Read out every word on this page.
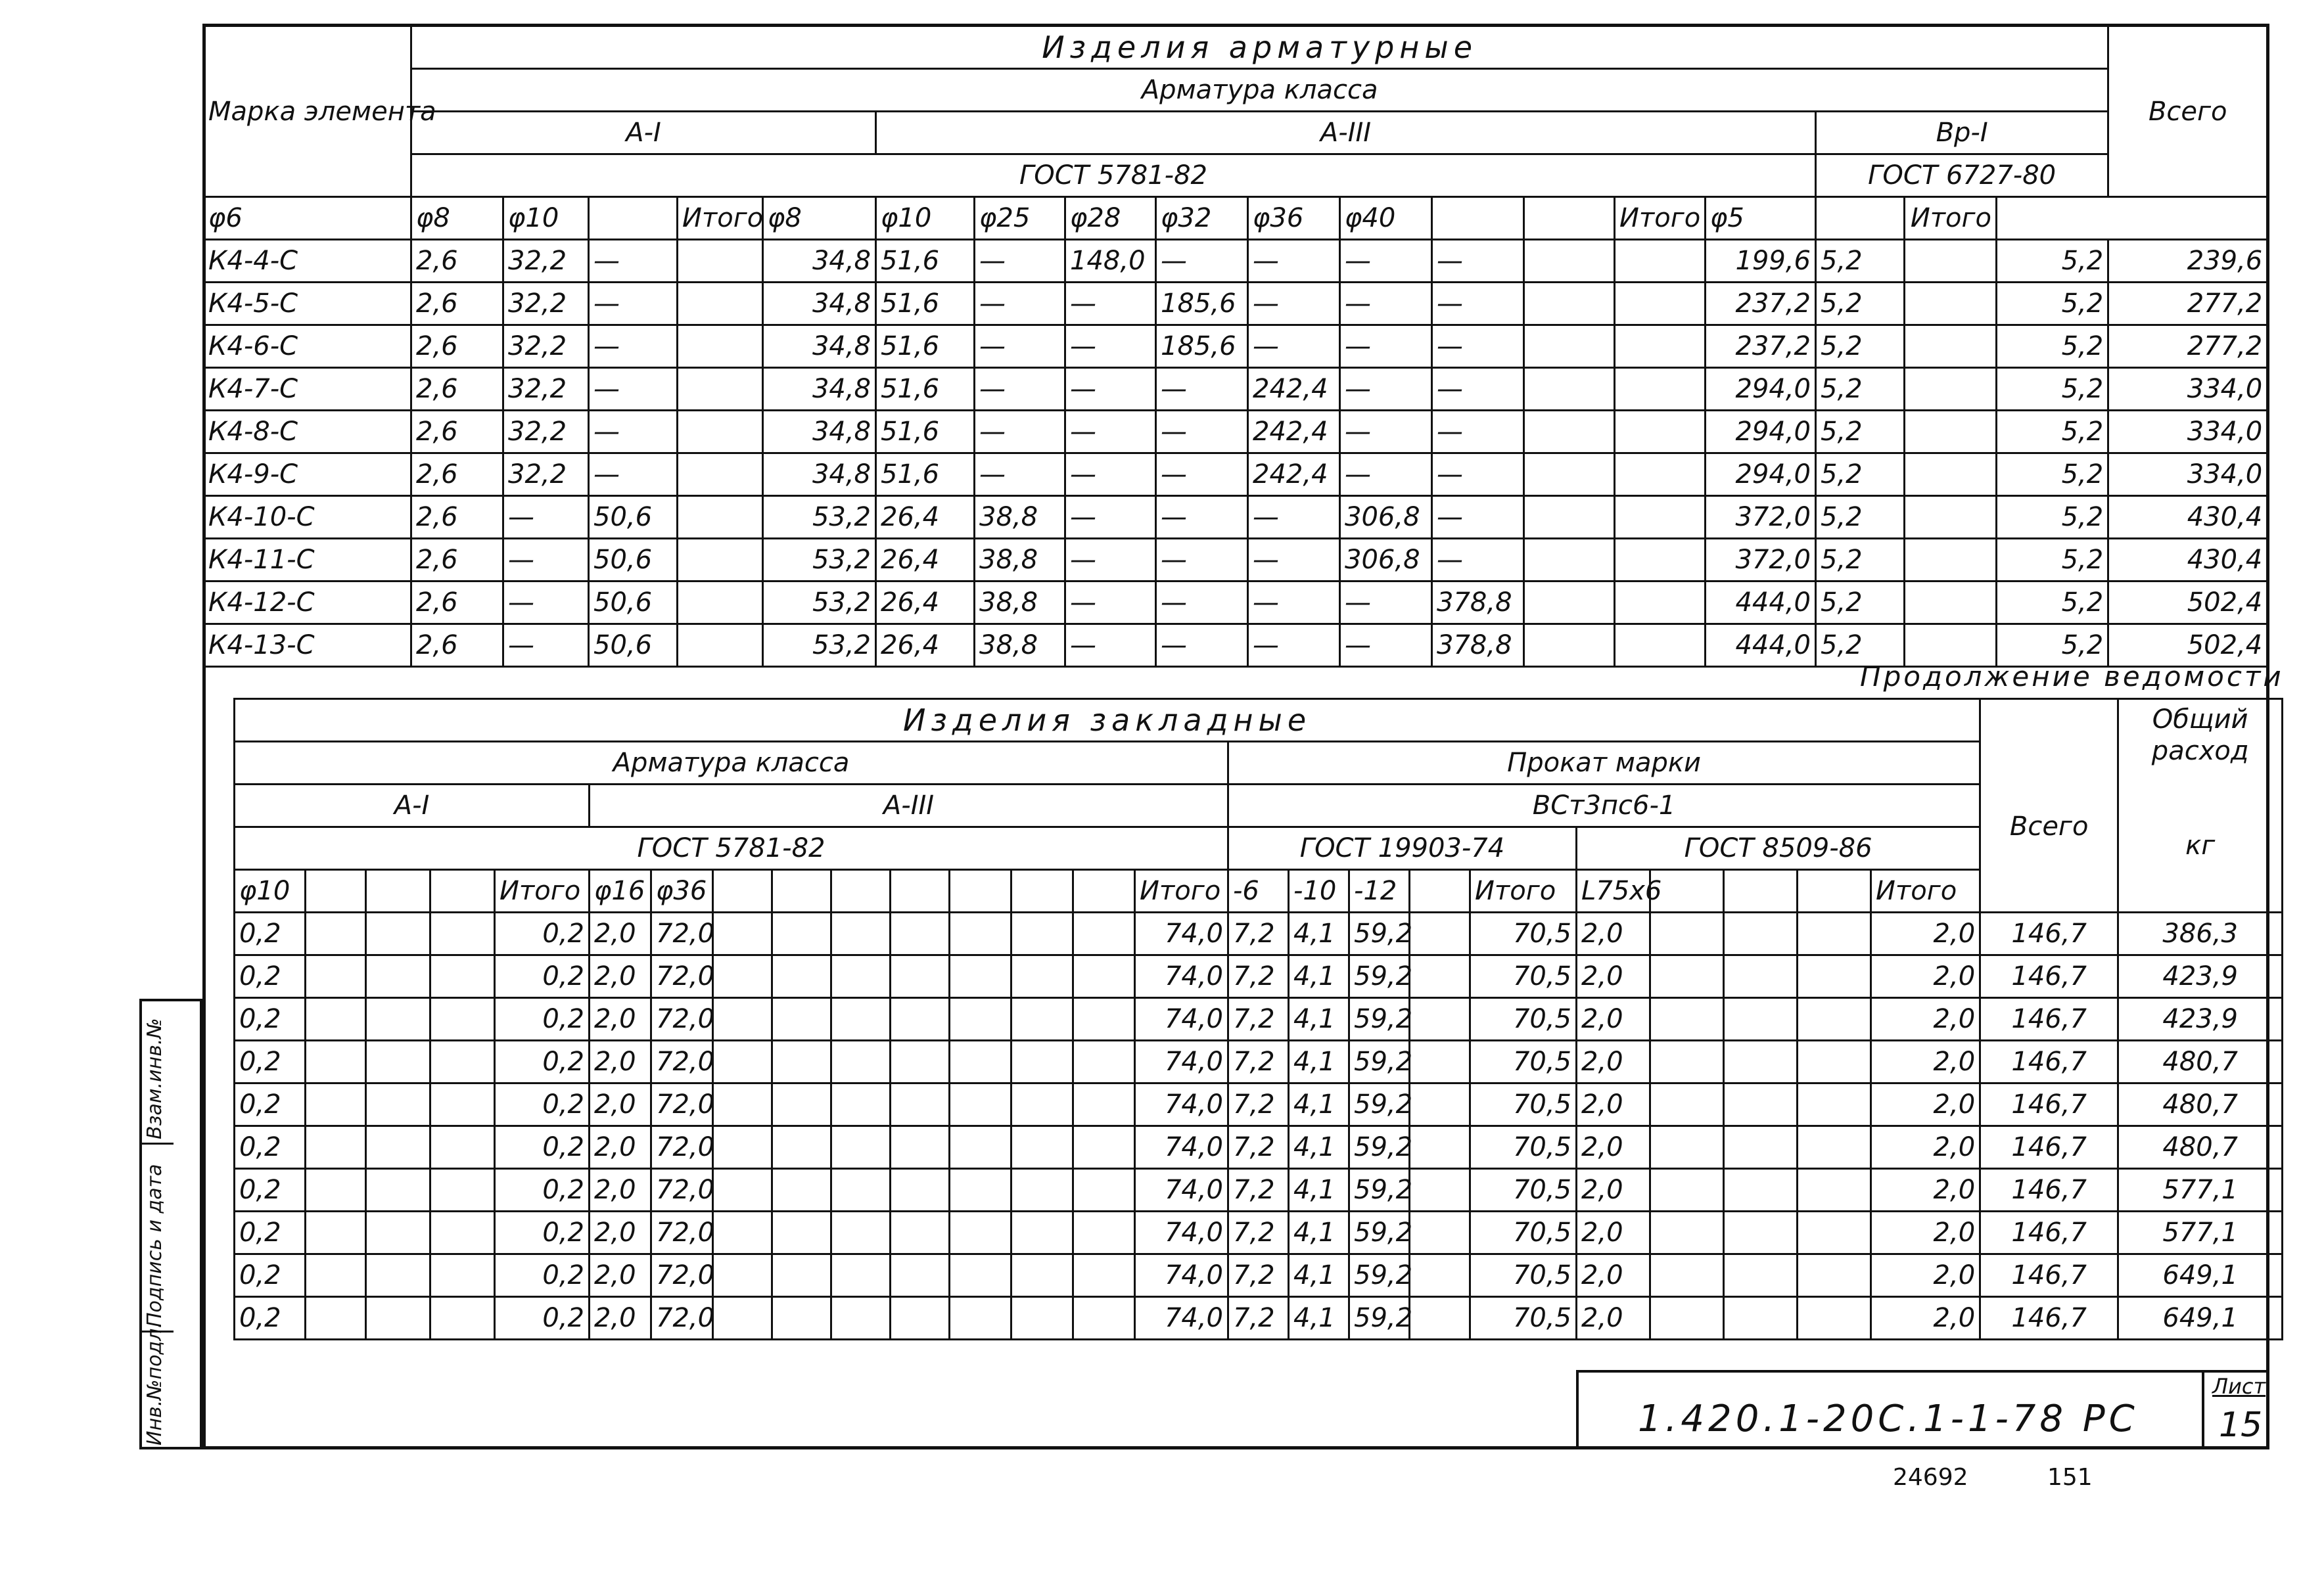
Марка элемента	Изделия арматурные																		Всего
	Арматура класса																		
	А-I					А-III										Вр-I			
	ГОСТ 5781-82															ГОСТ 6727-80			
φ6	φ8	φ10		Итого	φ8	φ10	φ25	φ28	φ32	φ36	φ40			Итого	φ5		Итого		
К4-4-С	2,6	32,2	—		34,8	51,6	—	148,0	—	—	—	—			199,6	5,2		5,2	239,6
К4-5-С	2,6	32,2	—		34,8	51,6	—	—	185,6	—	—	—			237,2	5,2		5,2	277,2
К4-6-С	2,6	32,2	—		34,8	51,6	—	—	185,6	—	—	—			237,2	5,2		5,2	277,2
К4-7-С	2,6	32,2	—		34,8	51,6	—	—	—	242,4	—	—			294,0	5,2		5,2	334,0
К4-8-С	2,6	32,2	—		34,8	51,6	—	—	—	242,4	—	—			294,0	5,2		5,2	334,0
К4-9-С	2,6	32,2	—		34,8	51,6	—	—	—	242,4	—	—			294,0	5,2		5,2	334,0
К4-10-С	2,6	—	50,6		53,2	26,4	38,8	—	—	—	306,8	—			372,0	5,2		5,2	430,4
К4-11-С	2,6	—	50,6		53,2	26,4	38,8	—	—	—	306,8	—			372,0	5,2		5,2	430,4
К4-12-С	2,6	—	50,6		53,2	26,4	38,8	—	—	—	—	378,8			444,0	5,2		5,2	502,4
К4-13-С	2,6	—	50,6		53,2	26,4	38,8	—	—	—	—	378,8			444,0	5,2		5,2	502,4
Продолжение ведомости
Изделия закладные																										Общий расход
кг

Арматура класса															Прокат марки										Всего	
А-I					А-III										ВСт3пс6-1											
ГОСТ 5781-82															ГОСТ 19903-74					ГОСТ 8509-86						
φ10				Итого	φ16	φ36								Итого	-6	-10	-12		Итого	L75х6				Итого		
0,2				0,2	2,0	72,0								74,0	7,2	4,1	59,2		70,5	2,0				2,0	146,7	386,3
0,2				0,2	2,0	72,0								74,0	7,2	4,1	59,2		70,5	2,0				2,0	146,7	423,9
0,2				0,2	2,0	72,0								74,0	7,2	4,1	59,2		70,5	2,0				2,0	146,7	423,9
0,2				0,2	2,0	72,0								74,0	7,2	4,1	59,2		70,5	2,0				2,0	146,7	480,7
0,2				0,2	2,0	72,0								74,0	7,2	4,1	59,2		70,5	2,0				2,0	146,7	480,7
0,2				0,2	2,0	72,0								74,0	7,2	4,1	59,2		70,5	2,0				2,0	146,7	480,7
0,2				0,2	2,0	72,0								74,0	7,2	4,1	59,2		70,5	2,0				2,0	146,7	577,1
0,2				0,2	2,0	72,0								74,0	7,2	4,1	59,2		70,5	2,0				2,0	146,7	577,1
0,2				0,2	2,0	72,0								74,0	7,2	4,1	59,2		70,5	2,0				2,0	146,7	649,1
0,2				0,2	2,0	72,0								74,0	7,2	4,1	59,2		70,5	2,0				2,0	146,7	649,1
Взам.инв.№
Подпись и дата
Инв.№подл.	1.420.1-20С.1-1-78 РС
Лист
15
24692	151
